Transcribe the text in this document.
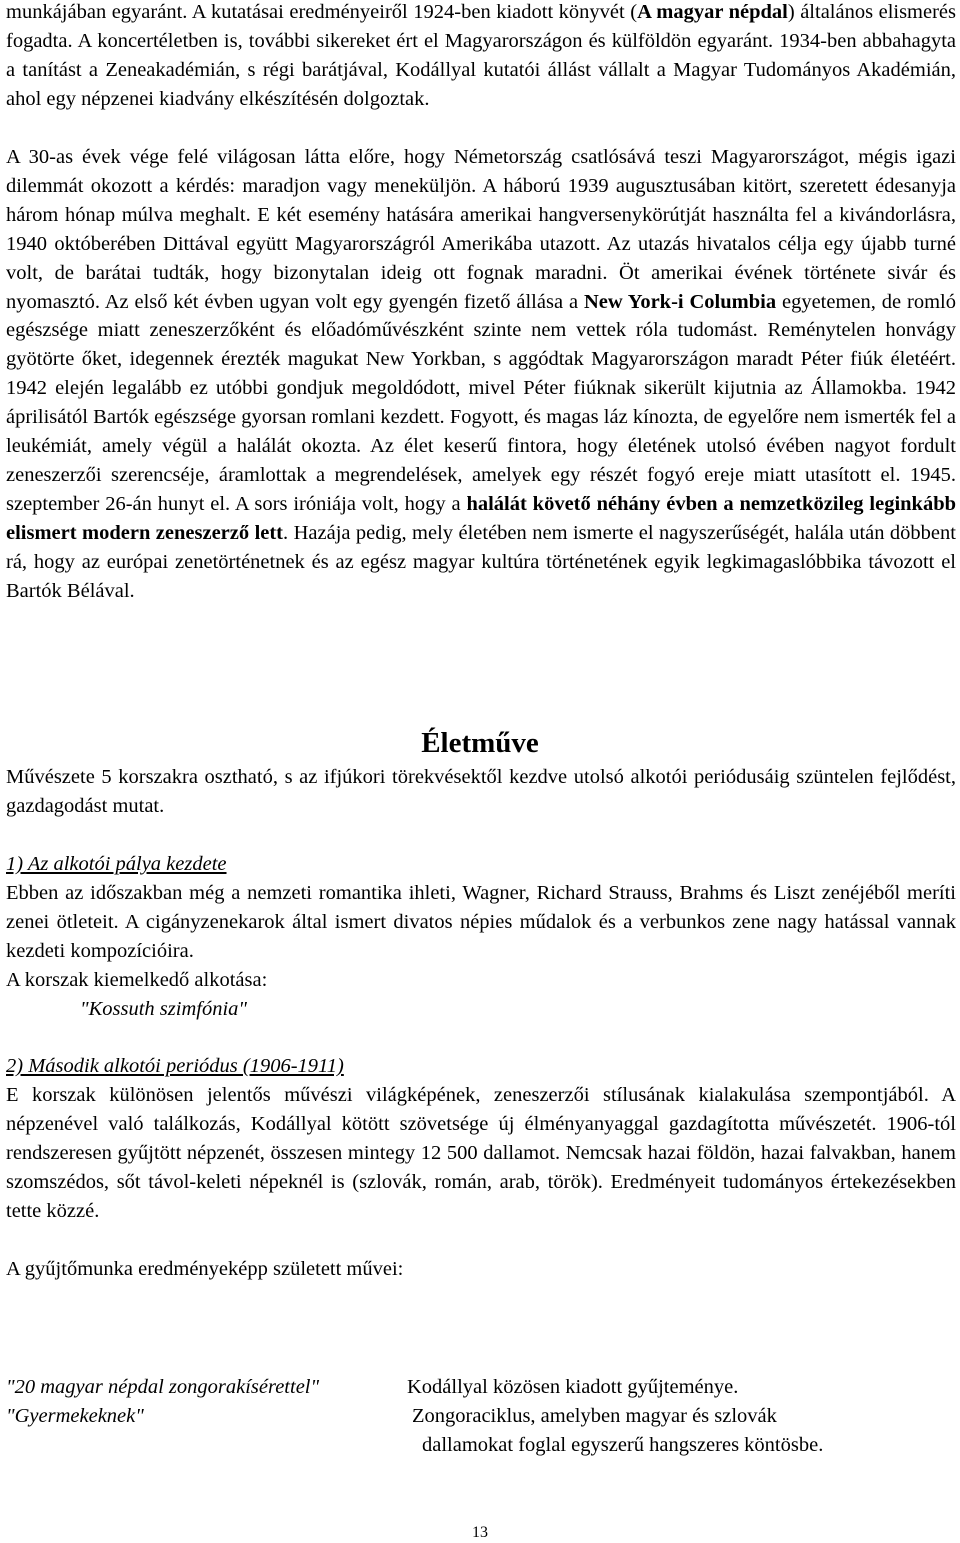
munkájában egyaránt. A kutatásai eredményeiről 1924-ben kiadott könyvét (A magyar népdal) általános elismerés fogadta. A koncertéletben is, további sikereket ért el Magyarországon és külföldön egyaránt. 1934-ben abbahagyta a tanítást a Zeneakadémián, s régi barátjával, Kodállyal kutatói állást vállalt a Magyar Tudományos Akadémián, ahol egy népzenei kiadvány elkészítésén dolgoztak.

A 30-as évek vége felé világosan látta előre, hogy Németország csatlósává teszi Magyarországot, mégis igazi dilemmát okozott a kérdés: maradjon vagy meneküljön. A háború 1939 augusztusában kitört, szeretett édesanyja három hónap múlva meghalt. E két esemény hatására amerikai hangversenykörútját használta fel a kivándorlásra, 1940 októberében Dittával együtt Magyarországról Amerikába utazott. Az utazás hivatalos célja egy újabb turné volt, de barátai tudták, hogy bizonytalan ideig ott fognak maradni. Öt amerikai évének története sivár és nyomasztó. Az első két évben ugyan volt egy gyengén fizető állása a New York-i Columbia egyetemen, de romló egészsége miatt zeneszerzőként és előadóművészként szinte nem vettek róla tudomást. Reménytelen honvágy gyötörte őket, idegennek érezték magukat New Yorkban, s aggódtak Magyarországon maradt Péter fiúk életéért. 1942 elején legalább ez utóbbi gondjuk megoldódott, mivel Péter fiúknak sikerült kijutnia az Államokba. 1942 áprilisától Bartók egészsége gyorsan romlani kezdett. Fogyott, és magas láz kínozta, de egyelőre nem ismerték fel a leukémiát, amely végül a halálát okozta. Az élet keserű fintora, hogy életének utolsó évében nagyot fordult zeneszerzői szerencséje, áramlottak a megrendelések, amelyek egy részét fogyó ereje miatt utasított el. 1945. szeptember 26-án hunyt el. A sors iróniája volt, hogy a halálát követő néhány évben a nemzetközileg leginkább elismert modern zeneszerző lett. Hazája pedig, mely életében nem ismerte el nagyszerűségét, halála után döbbent rá, hogy az európai zenetörténetnek és az egész magyar kultúra történetének egyik legkimagaslóbbika távozott el Bartók Bélával.

Életműve

Művészete 5 korszakra osztható, s az ifjúkori törekvésektől kezdve utolsó alkotói periódusáig szüntelen fejlődést, gazdagodást mutat.

1) Az alkotói pálya kezdete

Ebben az időszakban még a nemzeti romantika ihleti, Wagner, Richard Strauss, Brahms és Liszt zenéjéből meríti zenei ötleteit. A cigányzenekarok által ismert divatos népies műdalok és a verbunkos zene nagy hatással vannak kezdeti kompozícióira.

A korszak kiemelkedő alkotása:
"Kossuth szimfónia"
2) Második alkotói periódus (1906-1911)

E korszak különösen jelentős művészi világképének, zeneszerzői stílusának kialakulása szempontjából. A népzenével való találkozás, Kodállyal kötött szövetsége új élményanyaggal gazdagította művészetét. 1906-tól rendszeresen gyűjtött népzenét, összesen mintegy 12 500 dallamot. Nemcsak hazai földön, hazai falvakban, hanem szomszédos, sőt távol-keleti népeknél is (szlovák, román, arab, török). Eredményeit tudományos értekezésekben tette közzé.

A gyűjtőmunka eredményeképp született művei:
"20 magyar népdal zongorakísérettel"	Kodállyal közösen kiadott gyűjteménye.
"Gyermekeknek"	Zongoraciklus, amelyben magyar és szlovák
dallamokat foglal egyszerű hangszeres köntösbe.
13
